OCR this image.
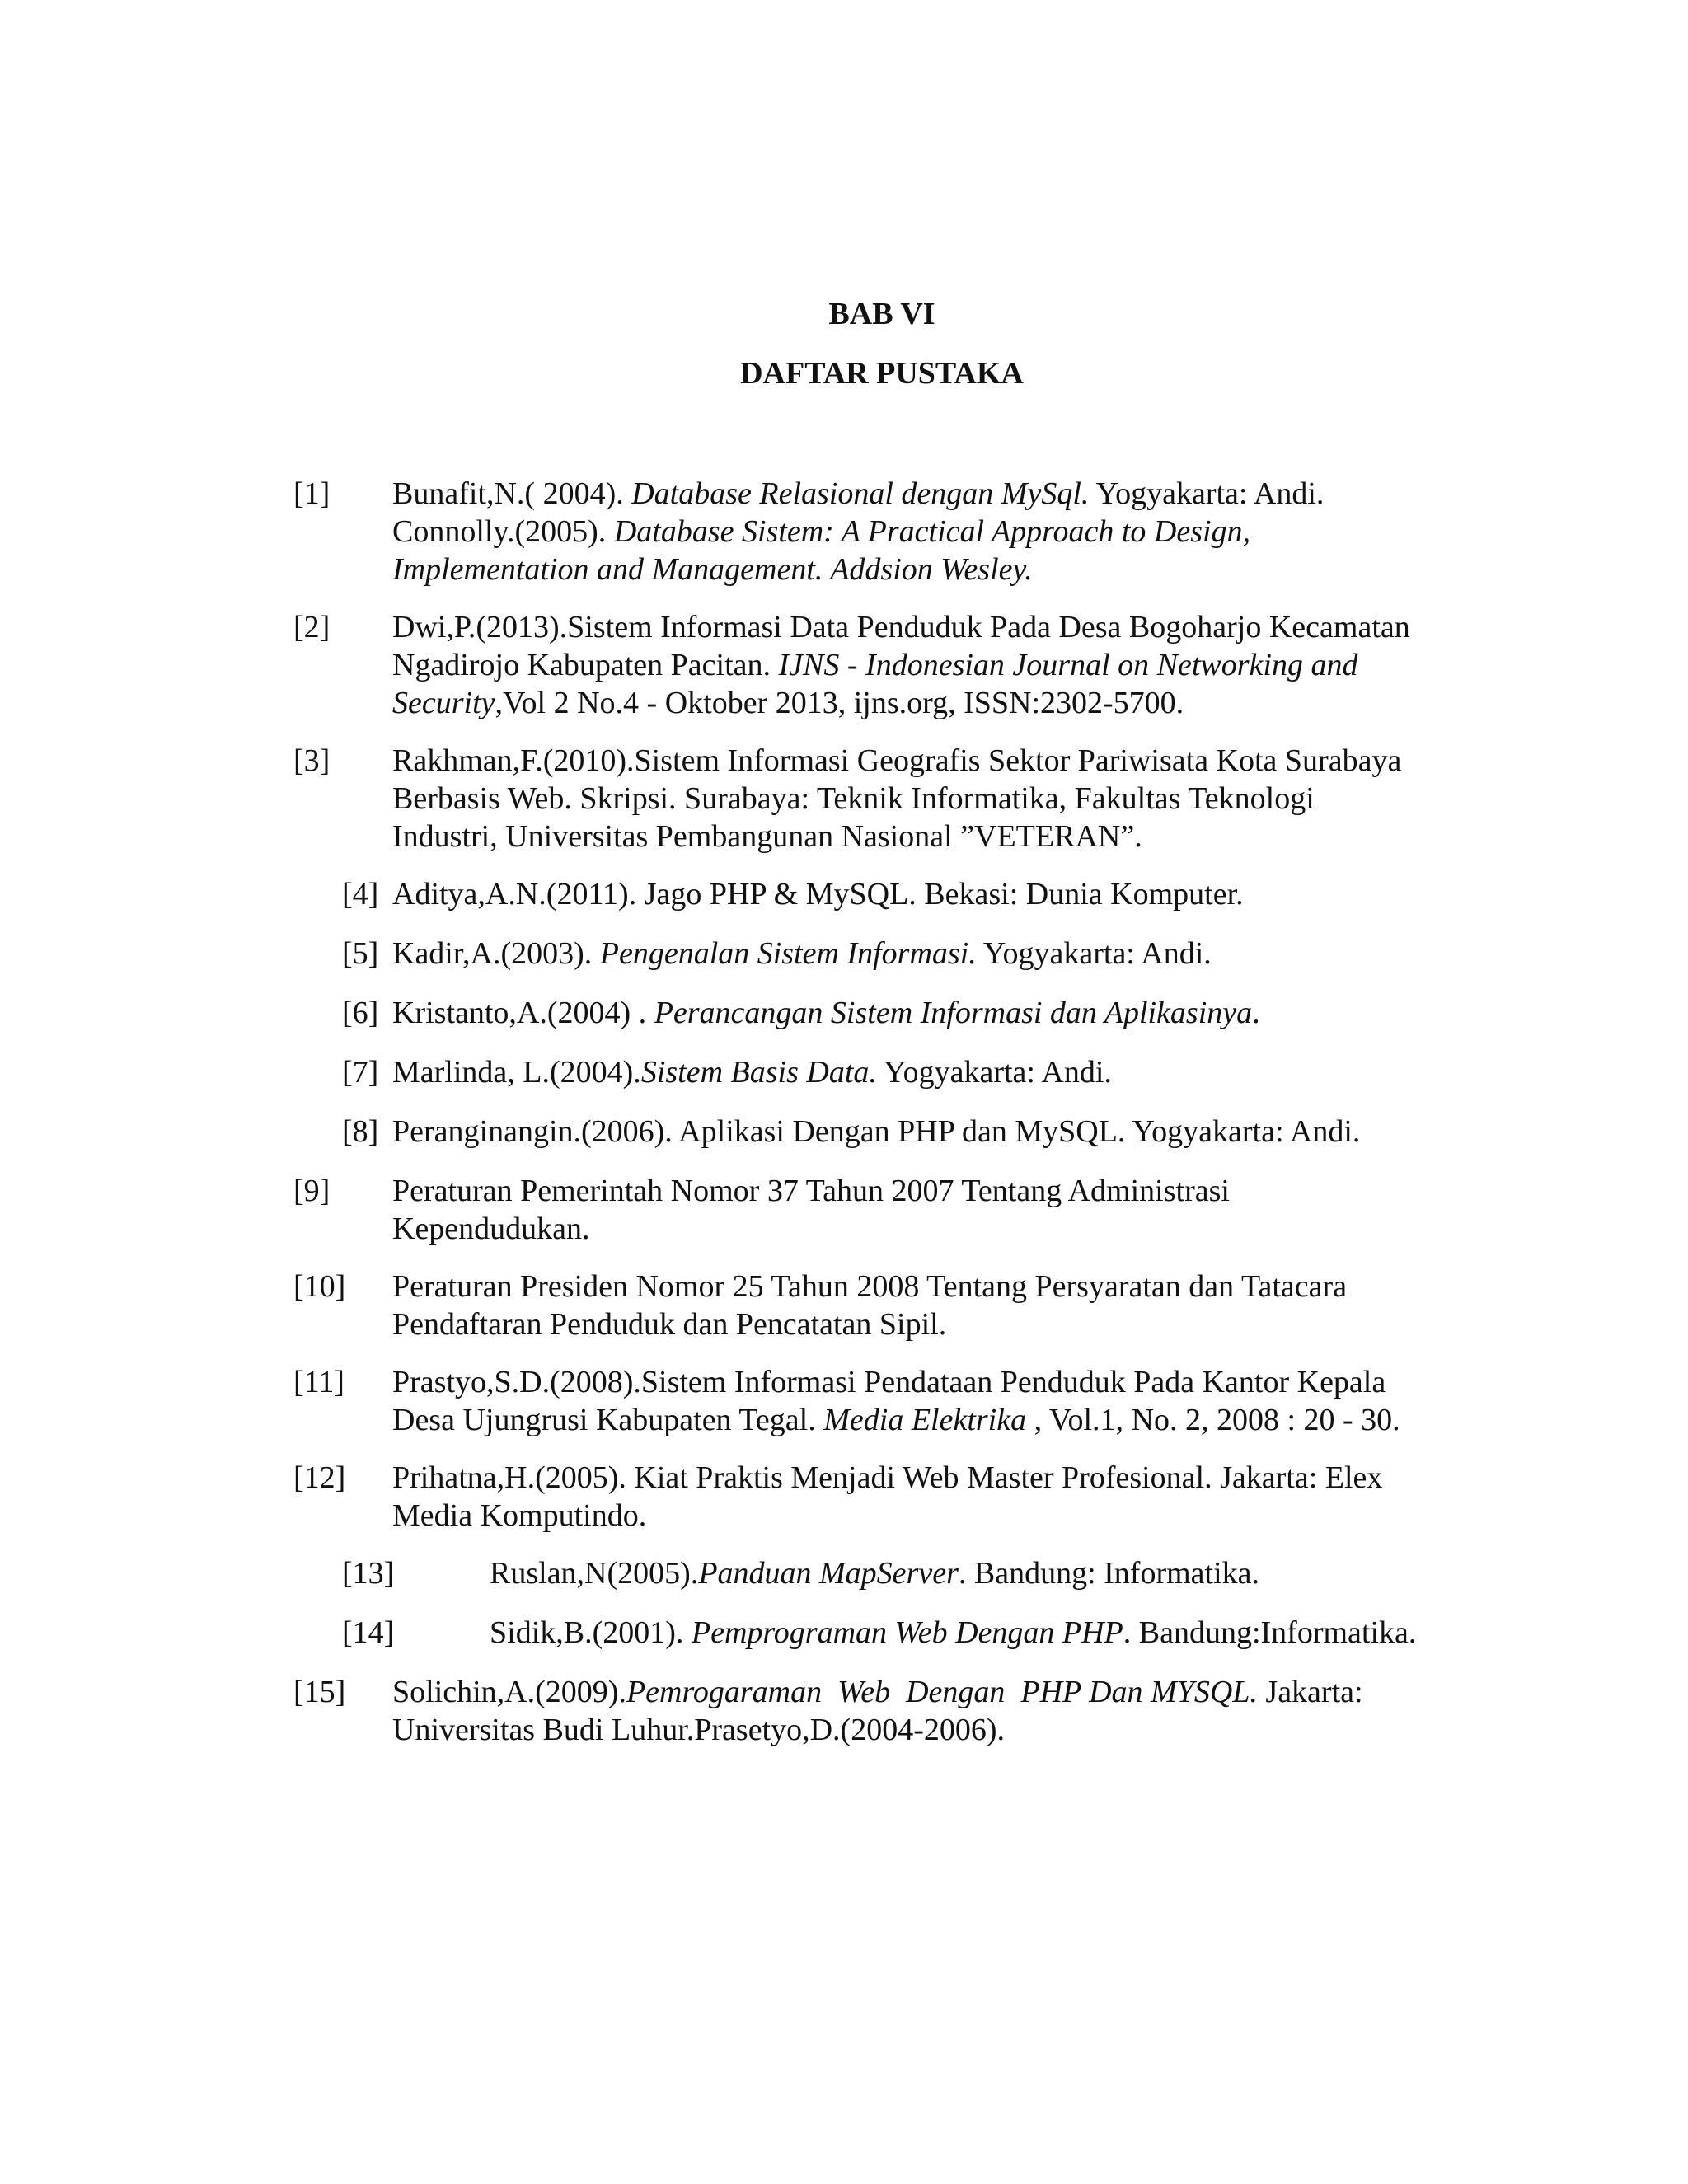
BAB VI
DAFTAR PUSTAKA
[1] Bunafit,N.( 2004). Database Relasional dengan MySql. Yogyakarta: Andi.
Connolly.(2005). Database Sistem: A Practical Approach to Design,
Implementation and Management. Addsion Wesley.
[2] Dwi,P.(2013).Sistem Informasi Data Penduduk Pada Desa Bogoharjo Kecamatan
Ngadirojo Kabupaten Pacitan. IJNS - Indonesian Journal on Networking and
Security,Vol 2 No.4 - Oktober 2013, ijns.org, ISSN:2302-5700.
[3] Rakhman,F.(2010).Sistem Informasi Geografis Sektor Pariwisata Kota Surabaya
Berbasis Web. Skripsi. Surabaya: Teknik Informatika, Fakultas Teknologi
Industri, Universitas Pembangunan Nasional ”VETERAN”.
[4] Aditya,A.N.(2011). Jago PHP & MySQL. Bekasi: Dunia Komputer.
[5] Kadir,A.(2003). Pengenalan Sistem Informasi. Yogyakarta: Andi.
[6] Kristanto,A.(2004) . Perancangan Sistem Informasi dan Aplikasinya.
[7] Marlinda, L.(2004).Sistem Basis Data. Yogyakarta: Andi.
[8] Peranginangin.(2006). Aplikasi Dengan PHP dan MySQL. Yogyakarta: Andi.
[9] Peraturan Pemerintah Nomor 37 Tahun 2007 Tentang Administrasi
Kependudukan.
[10] Peraturan Presiden Nomor 25 Tahun 2008 Tentang Persyaratan dan Tatacara
Pendaftaran Penduduk dan Pencatatan Sipil.
[11] Prastyo,S.D.(2008).Sistem Informasi Pendataan Penduduk Pada Kantor Kepala
Desa Ujungrusi Kabupaten Tegal. Media Elektrika , Vol.1, No. 2, 2008 : 20 - 30.
[12] Prihatna,H.(2005). Kiat Praktis Menjadi Web Master Profesional. Jakarta: Elex
Media Komputindo.
[13]	Ruslan,N(2005).Panduan MapServer. Bandung: Informatika.
[14]	Sidik,B.(2001). Pemprograman Web Dengan PHP. Bandung:Informatika.
[15] Solichin,A.(2009).Pemrogaraman  Web  Dengan  PHP Dan MYSQL. Jakarta:
Universitas Budi Luhur.Prasetyo,D.(2004-2006).
